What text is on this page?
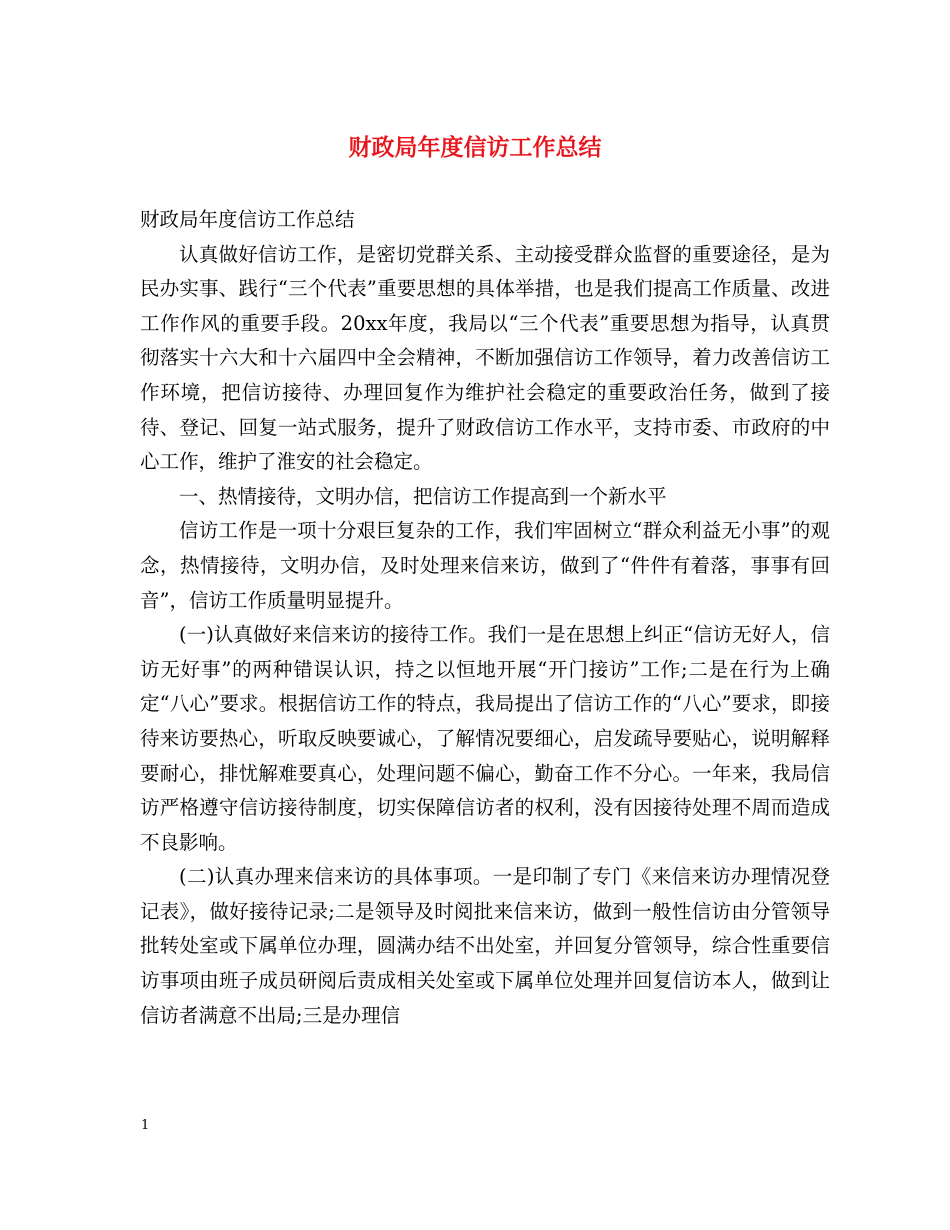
财政局年度信访工作总结

财政局年度信访工作总结

认真做好信访工作，是密切党群关系、主动接受群众监督的重要途径，是为民办实事、践行“三个代表”重要思想的具体举措，也是我们提高工作质量、改进工作作风的重要手段。20xx年度，我局以“三个代表”重要思想为指导，认真贯彻落实十六大和十六届四中全会精神，不断加强信访工作领导，着力改善信访工作环境，把信访接待、办理回复作为维护社会稳定的重要政治任务，做到了接待、登记、回复一站式服务，提升了财政信访工作水平，支持市委、市政府的中心工作，维护了淮安的社会稳定。

一、热情接待，文明办信，把信访工作提高到一个新水平

信访工作是一项十分艰巨复杂的工作，我们牢固树立“群众利益无小事”的观念，热情接待，文明办信，及时处理来信来访，做到了“件件有着落，事事有回音”，信访工作质量明显提升。

(一)认真做好来信来访的接待工作。我们一是在思想上纠正“信访无好人，信访无好事”的两种错误认识，持之以恒地开展“开门接访”工作;二是在行为上确定“八心”要求。根据信访工作的特点，我局提出了信访工作的“八心”要求，即接待来访要热心，听取反映要诚心，了解情况要细心，启发疏导要贴心，说明解释要耐心，排忧解难要真心，处理问题不偏心，勤奋工作不分心。一年来，我局信访严格遵守信访接待制度，切实保障信访者的权利，没有因接待处理不周而造成不良影响。

(二)认真办理来信来访的具体事项。一是印制了专门《来信来访办理情况登记表》，做好接待记录;二是领导及时阅批来信来访，做到一般性信访由分管领导批转处室或下属单位办理，圆满办结不出处室，并回复分管领导，综合性重要信访事项由班子成员研阅后责成相关处室或下属单位处理并回复信访本人，做到让信访者满意不出局;三是办理信

1
